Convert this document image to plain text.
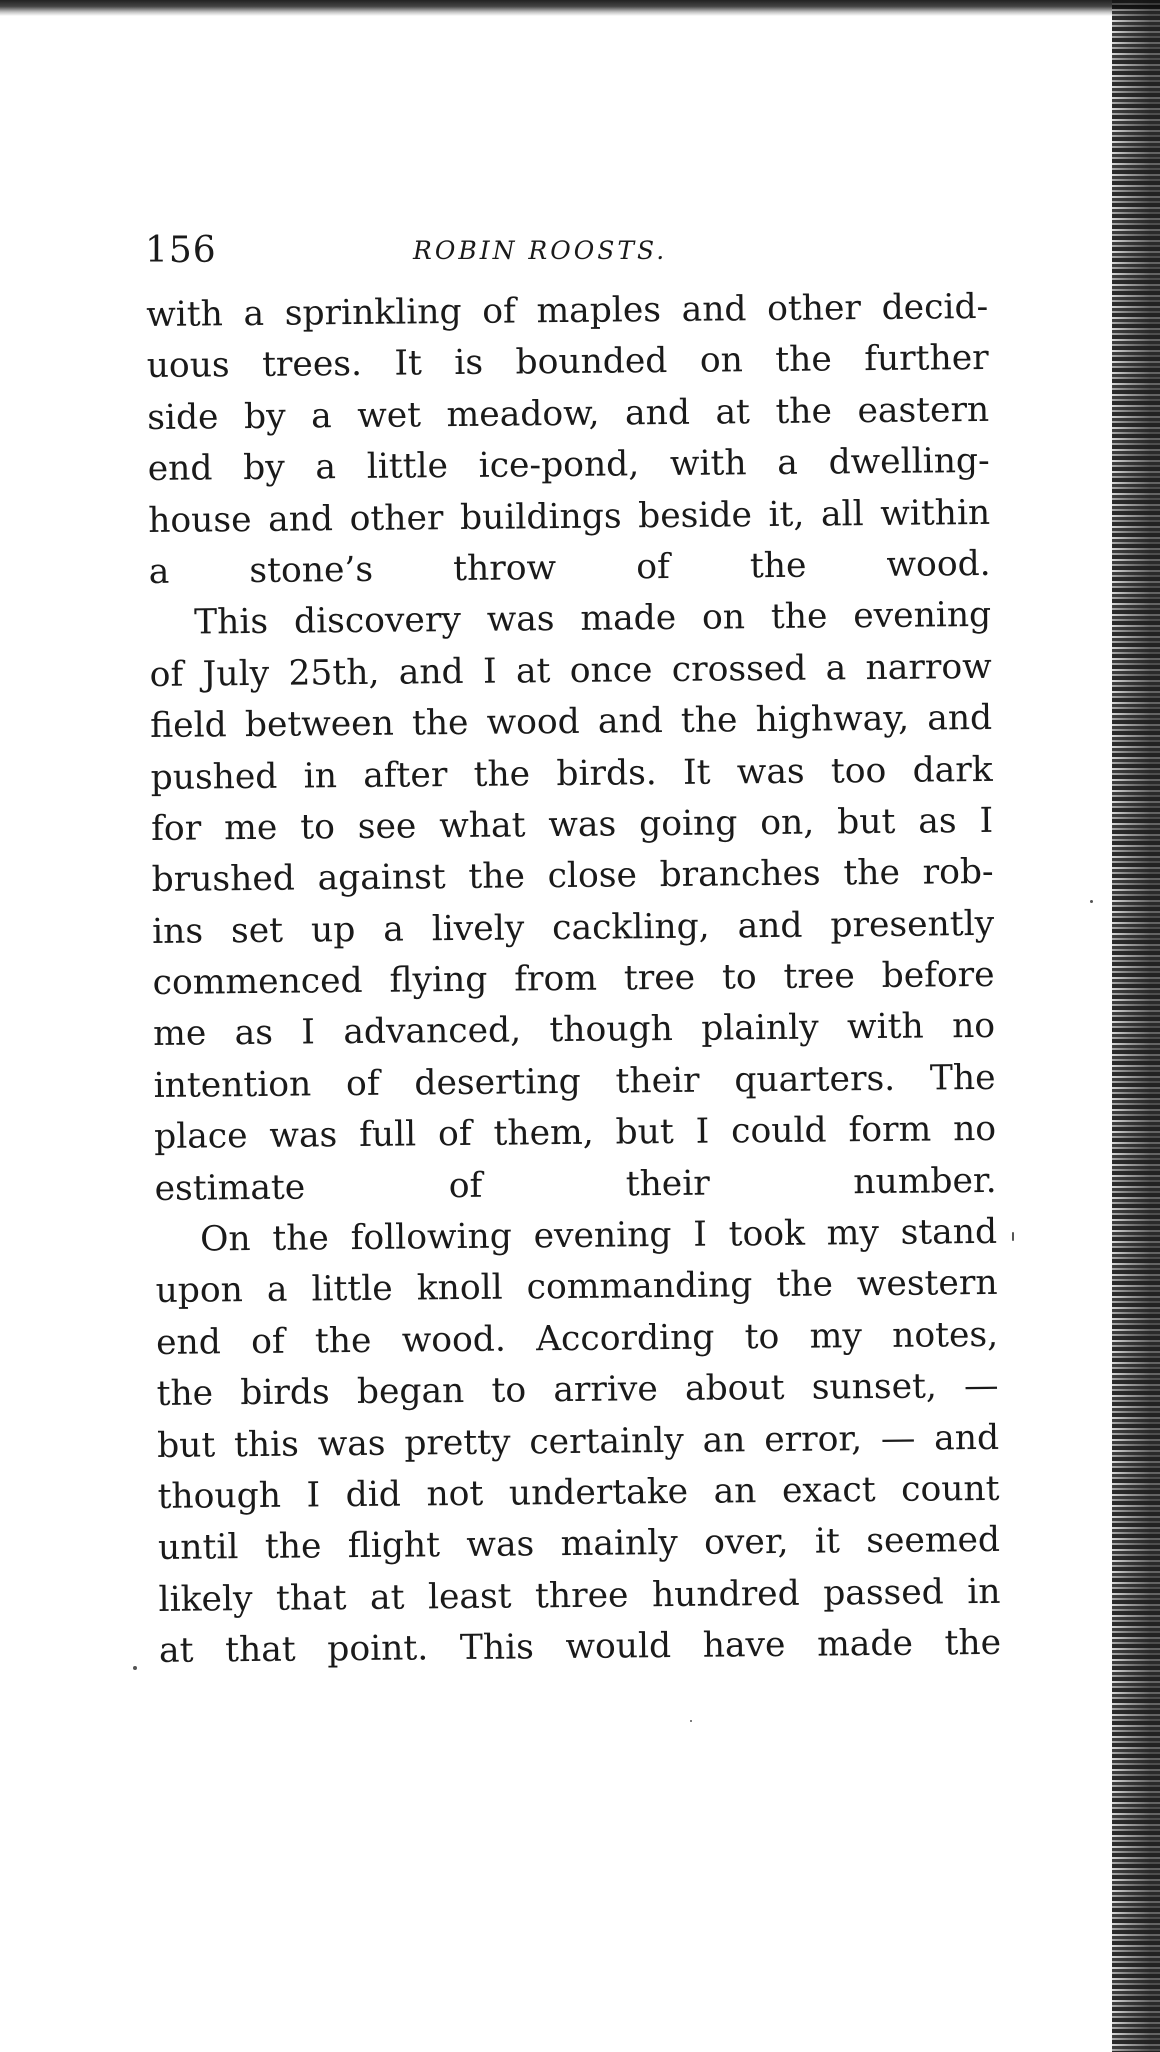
156	ROBIN ROOSTS.
with a sprinkling of maples and other decid-
uous trees. It is bounded on the further
side by a wet meadow, and at the eastern
end by a little ice-pond, with a dwelling-
house and other buildings beside it, all within
a stone’s throw of the wood.
This discovery was made on the evening
of July 25th, and I at once crossed a narrow
field between the wood and the highway, and
pushed in after the birds. It was too dark
for me to see what was going on, but as I
brushed against the close branches the rob-
ins set up a lively cackling, and presently
commenced flying from tree to tree before
me as I advanced, though plainly with no
intention of deserting their quarters. The
place was full of them, but I could form no
estimate of their number.
On the following evening I took my stand
upon a little knoll commanding the western
end of the wood. According to my notes,
the birds began to arrive about sunset, —
but this was pretty certainly an error, — and
though I did not undertake an exact count
until the flight was mainly over, it seemed
likely that at least three hundred passed in
at that point. This would have made the
